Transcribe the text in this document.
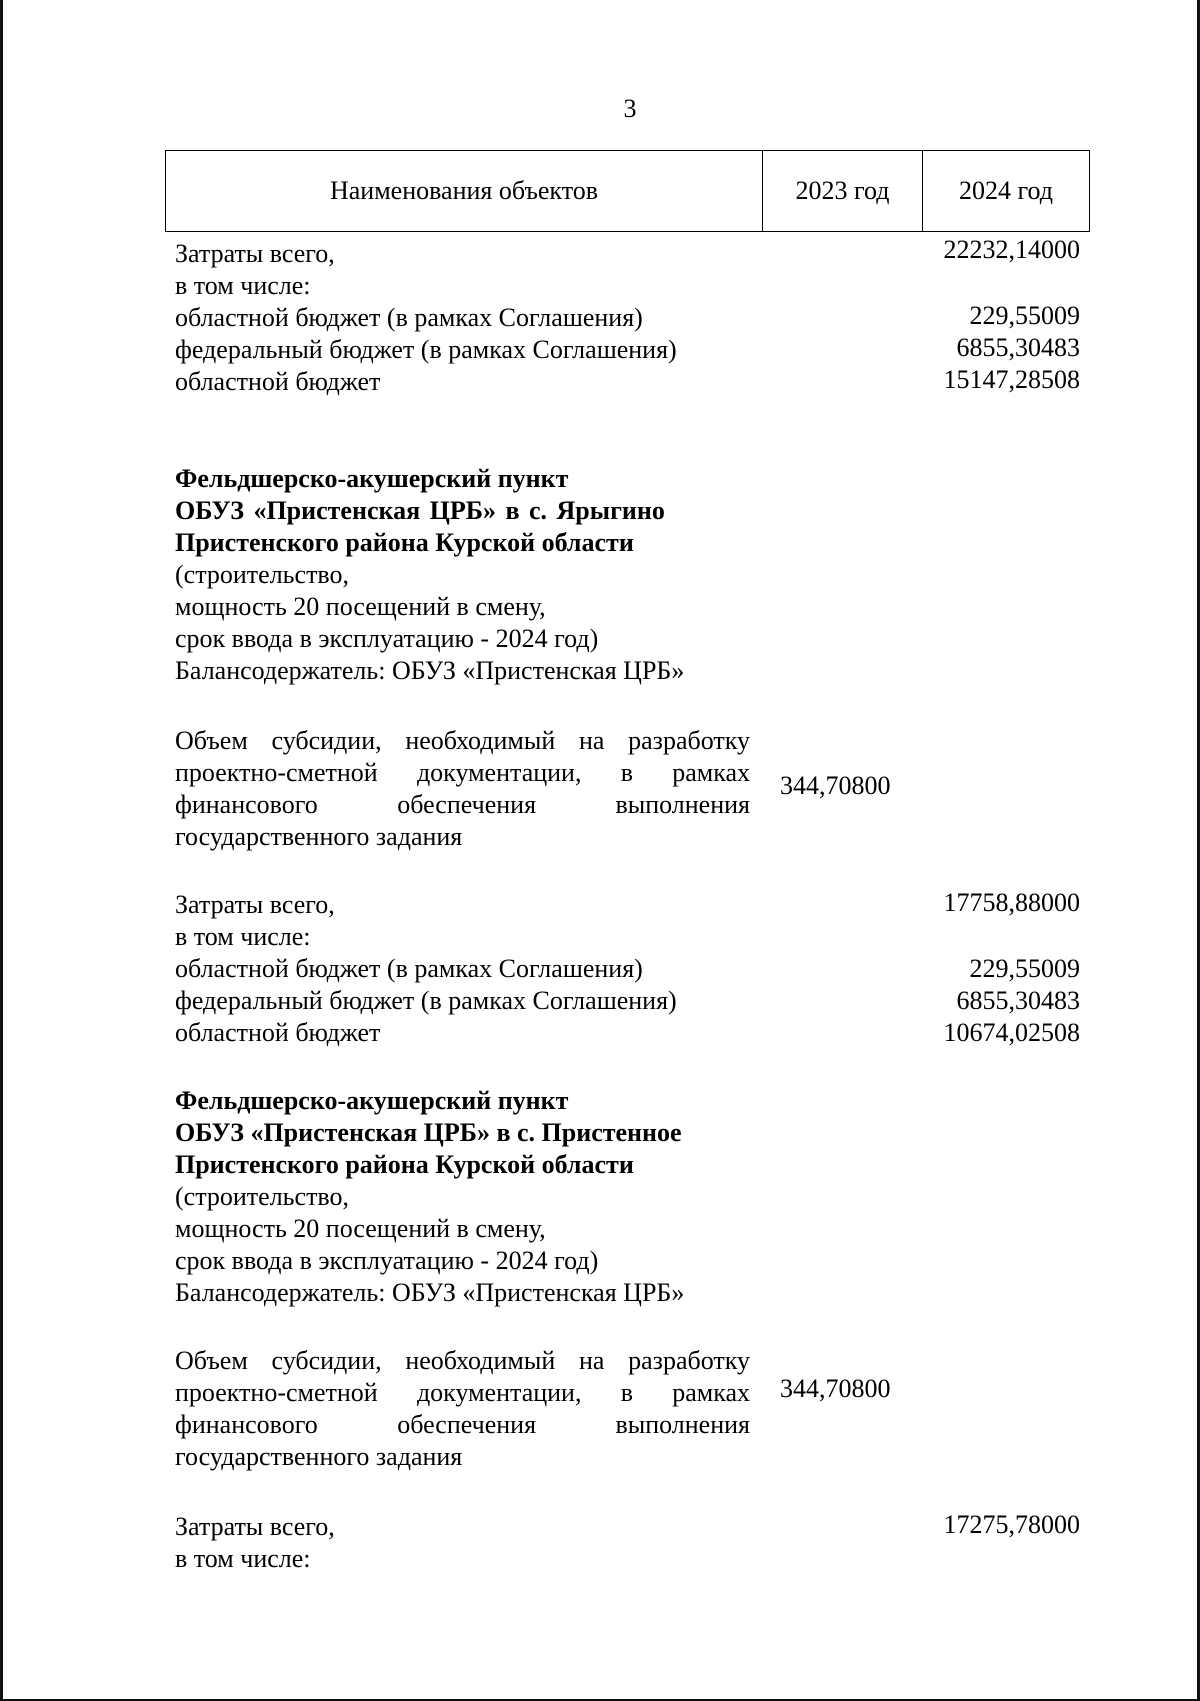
3
Наименования объектов	2023 год	2024 год
Затраты всего,
в том числе:
областной бюджет (в рамках Соглашения)
федеральный бюджет (в рамках Соглашения)
областной бюджет
22232,14000
229,55009
6855,30483
15147,28508
Фельдшерско-акушерский пункт
ОБУЗ «Пристенская ЦРБ» в с. Ярыгино
Пристенского района Курской области
(строительство,
мощность 20 посещений в смену,
срок ввода в эксплуатацию - 2024 год)
Балансодержатель: ОБУЗ «Пристенская ЦРБ»
Объем субсидии, необходимый на разработку
проектно-сметной документации, в рамках
финансового обеспечения выполнения
государственного задания
344,70800
Затраты всего,
в том числе:
областной бюджет (в рамках Соглашения)
федеральный бюджет (в рамках Соглашения)
областной бюджет
17758,88000
229,55009
6855,30483
10674,02508
Фельдшерско-акушерский пункт
ОБУЗ «Пристенская ЦРБ» в с. Пристенное
Пристенского района Курской области
(строительство,
мощность 20 посещений в смену,
срок ввода в эксплуатацию - 2024 год)
Балансодержатель: ОБУЗ «Пристенская ЦРБ»
Объем субсидии, необходимый на разработку
проектно-сметной документации, в рамках
финансового обеспечения выполнения
государственного задания
344,70800
Затраты всего,
в том числе:
17275,78000
